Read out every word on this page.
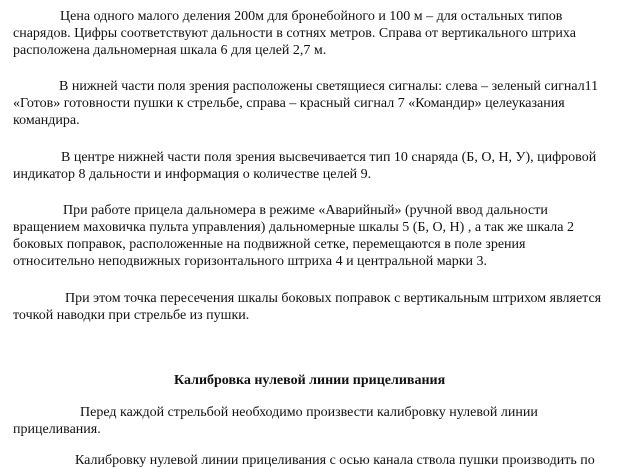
Цена одного малого деления 200м для бронебойного и 100 м – для остальных типов

снарядов. Цифры соответствуют дальности в сотнях метров. Справа от вертикального штриха

расположена дальномерная шкала 6 для целей 2,7 м.

В нижней части поля зрения расположены светящиеся сигналы: слева – зеленый сигнал11

«Готов» готовности пушки к стрельбе, справа – красный сигнал 7 «Командир» целеуказания

командира.

В центре нижней части поля зрения высвечивается тип 10 снаряда (Б, О, Н, У), цифровой

индикатор 8 дальности и информация о количестве целей 9.

При работе прицела дальномера в режиме «Аварийный» (ручной ввод дальности

вращением маховичка пульта управления) дальномерные шкалы 5 (Б, О, Н) , а так же шкала 2

боковых поправок, расположенные на подвижной сетке, перемещаются в поле зрения

относительно неподвижных горизонтального штриха 4 и центральной марки 3.

При этом точка пересечения шкалы боковых поправок с вертикальным штрихом является

точкой наводки при стрельбе из пушки.

Калибровка нулевой линии прицеливания

Перед каждой стрельбой необходимо произвести калибровку нулевой линии

прицеливания.

Калибровку нулевой линии прицеливания с осью канала ствола пушки производить по
